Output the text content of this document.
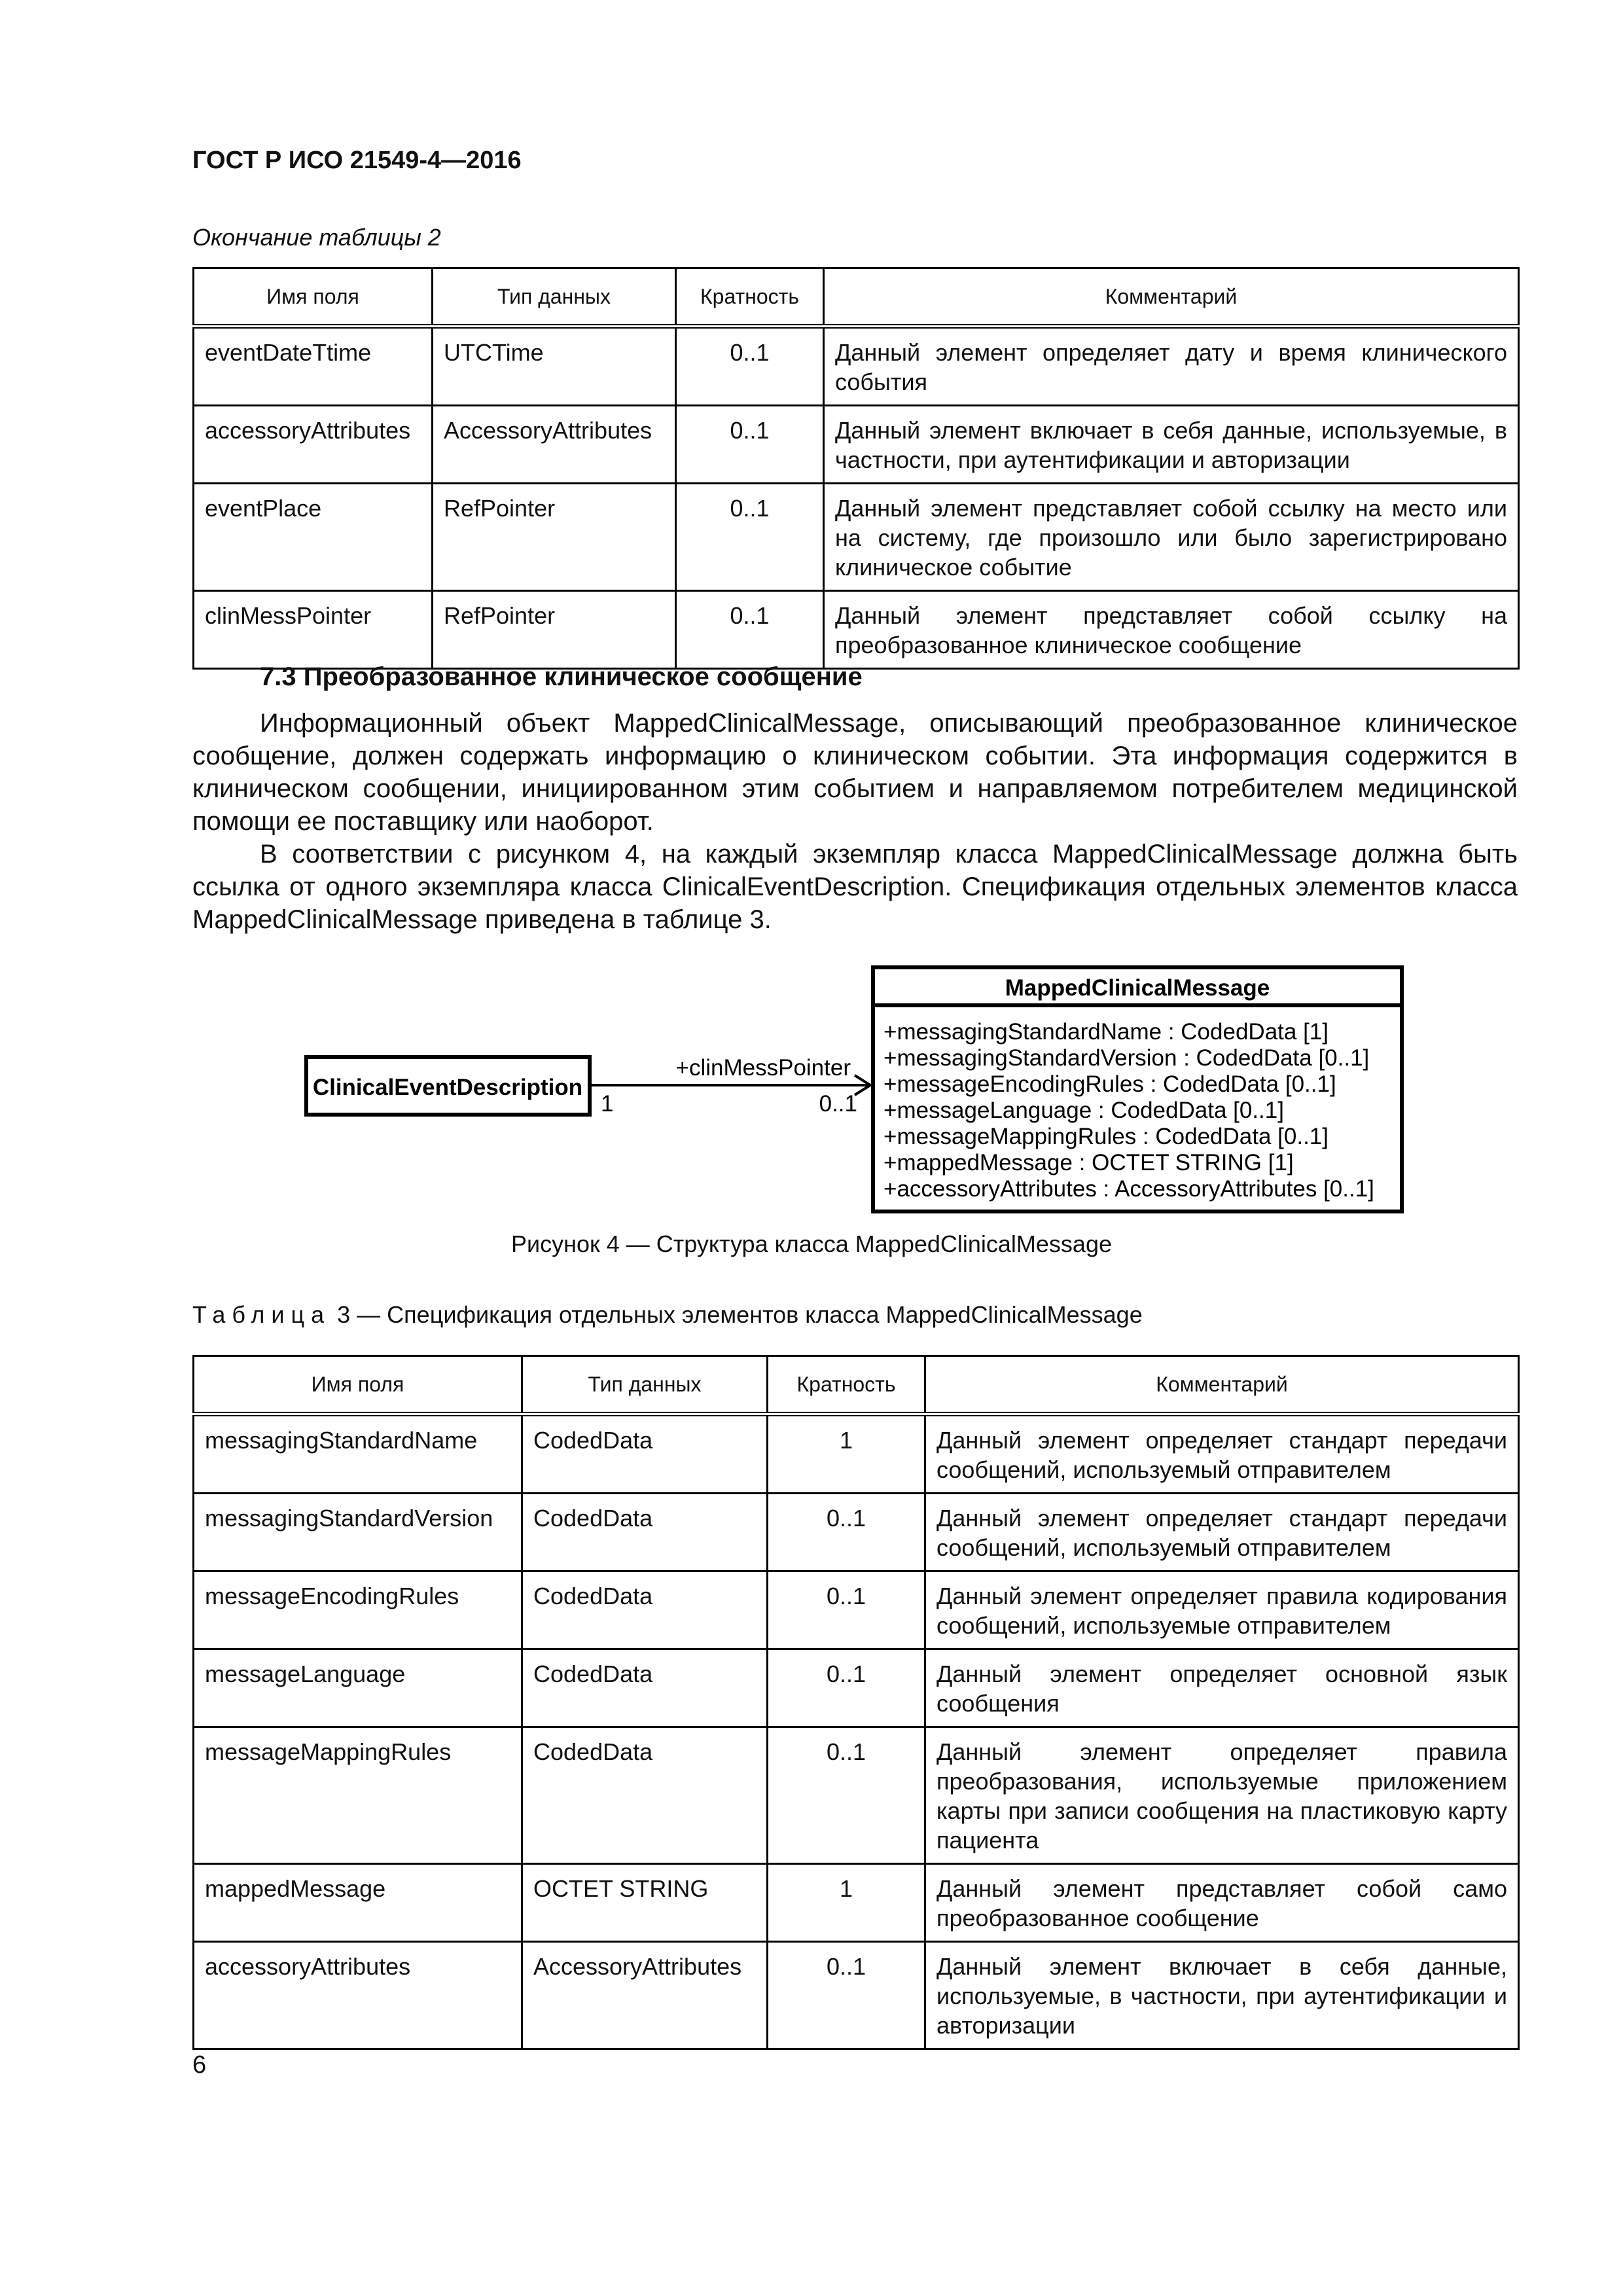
ГОСТ Р ИСО 21549-4—2016
Окончание таблицы 2
Имя поля	Тип данных	Кратность	Комментарий
eventDateTtime	UTCTime	0..1	Данный элемент определяет дату и время клинического события
accessoryAttributes	AccessoryAttributes	0..1	Данный элемент включает в себя данные, используемые, в частности, при аутентификации и авторизации
eventPlace	RefPointer	0..1	Данный элемент представляет собой ссылку на место или на систему, где произошло или было зарегистрировано клиническое событие
clinMessPointer	RefPointer	0..1	Данный элемент представляет собой ссылку на преобразованное клиническое сообщение
7.3 Преобразованное клиническое сообщение
Информационный объект MappedClinicalMessage, описывающий преобразованное клиническое сообщение, должен содержать информацию о клиническом событии. Эта информация содержится в клиническом сообщении, инициированном этим событием и направляемом потребителем медицинской помощи ее поставщику или наоборот.
В соответствии с рисунком 4, на каждый экземпляр класса MappedClinicalMessage должна быть ссылка от одного экземпляра класса ClinicalEventDescription. Спецификация отдельных элементов класса MappedClinicalMessage приведена в таблице 3.
ClinicalEventDescription
+clinMessPointer
1	0..1
MappedClinicalMessage
+messagingStandardName : CodedData [1]
+messagingStandardVersion : CodedData [0..1]
+messageEncodingRules : CodedData [0..1]
+messageLanguage : CodedData [0..1]
+messageMappingRules : CodedData [0..1]
+mappedMessage : OCTET STRING [1]
+accessoryAttributes : AccessoryAttributes [0..1]
Рисунок 4 — Структура класса MappedClinicalMessage
Таблица 3 — Спецификация отдельных элементов класса MappedClinicalMessage
Имя поля	Тип данных	Кратность	Комментарий
messagingStandardName	CodedData	1	Данный элемент определяет стандарт передачи сообщений, используемый отправителем
messagingStandardVersion	CodedData	0..1	Данный элемент определяет стандарт передачи сообщений, используемый отправителем
messageEncodingRules	CodedData	0..1	Данный элемент определяет правила кодирования сообщений, используемые отправителем
messageLanguage	CodedData	0..1	Данный элемент определяет основной язык сообщения
messageMappingRules	CodedData	0..1	Данный элемент определяет правила преобразования, используемые приложением карты при записи сообщения на пластиковую карту пациента
mappedMessage	OCTET STRING	1	Данный элемент представляет собой само преобразованное сообщение
accessoryAttributes	AccessoryAttributes	0..1	Данный элемент включает в себя данные, используемые, в частности, при аутентификации и авторизации
6
